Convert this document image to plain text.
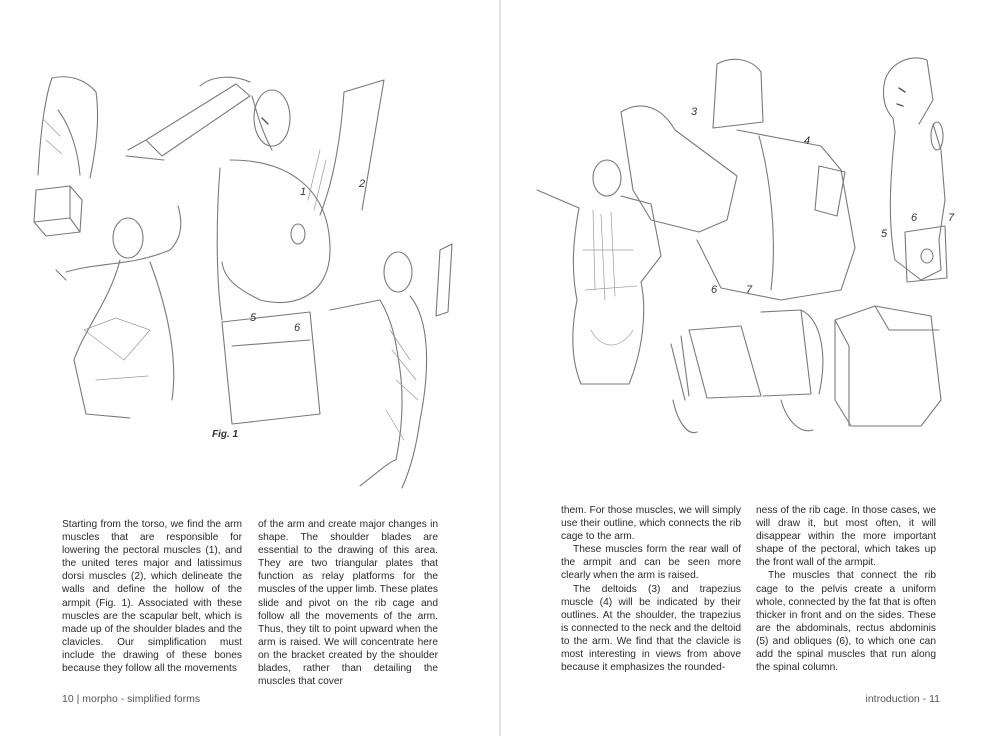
1
2
5
6
Fig. 1

Starting from the torso, we find the arm muscles that are responsible for lowering the pectoral muscles (1), and the united teres major and latissimus dorsi muscles (2), which delineate the walls and define the hollow of the armpit (Fig. 1). Associated with these muscles are the scapular belt, which is made up of the shoulder blades and the clavicles. Our simplification must include the drawing of these bones because they follow all the movements

of the arm and create major changes in shape. The shoulder blades are essential to the drawing of this area. They are two triangular plates that function as relay platforms for the muscles of the upper limb. These plates slide and pivot on the rib cage and follow all the movements of the arm. Thus, they tilt to point upward when the arm is raised. We will concentrate here on the bracket created by the shoulder blades, rather than detailing the muscles that cover

10 | morpho - simplified forms
3
4
6	7
6
5
7

them. For those muscles, we will simply use their outline, which connects the rib cage to the arm.

These muscles form the rear wall of the armpit and can be seen more clearly when the arm is raised.

The deltoids (3) and trapezius muscle (4) will be indicated by their outlines. At the shoulder, the trapezius is connected to the neck and the deltoid to the arm. We find that the clavicle is most interesting in views from above because it emphasizes the rounded-

ness of the rib cage. In those cases, we will draw it, but most often, it will disappear within the more important shape of the pectoral, which takes up the front wall of the armpit.

The muscles that connect the rib cage to the pelvis create a uniform whole, connected by the fat that is often thicker in front and on the sides. These are the abdominals, rectus abdominis (5) and obliques (6), to which one can add the spinal muscles that run along the spinal column.

introduction - 11
